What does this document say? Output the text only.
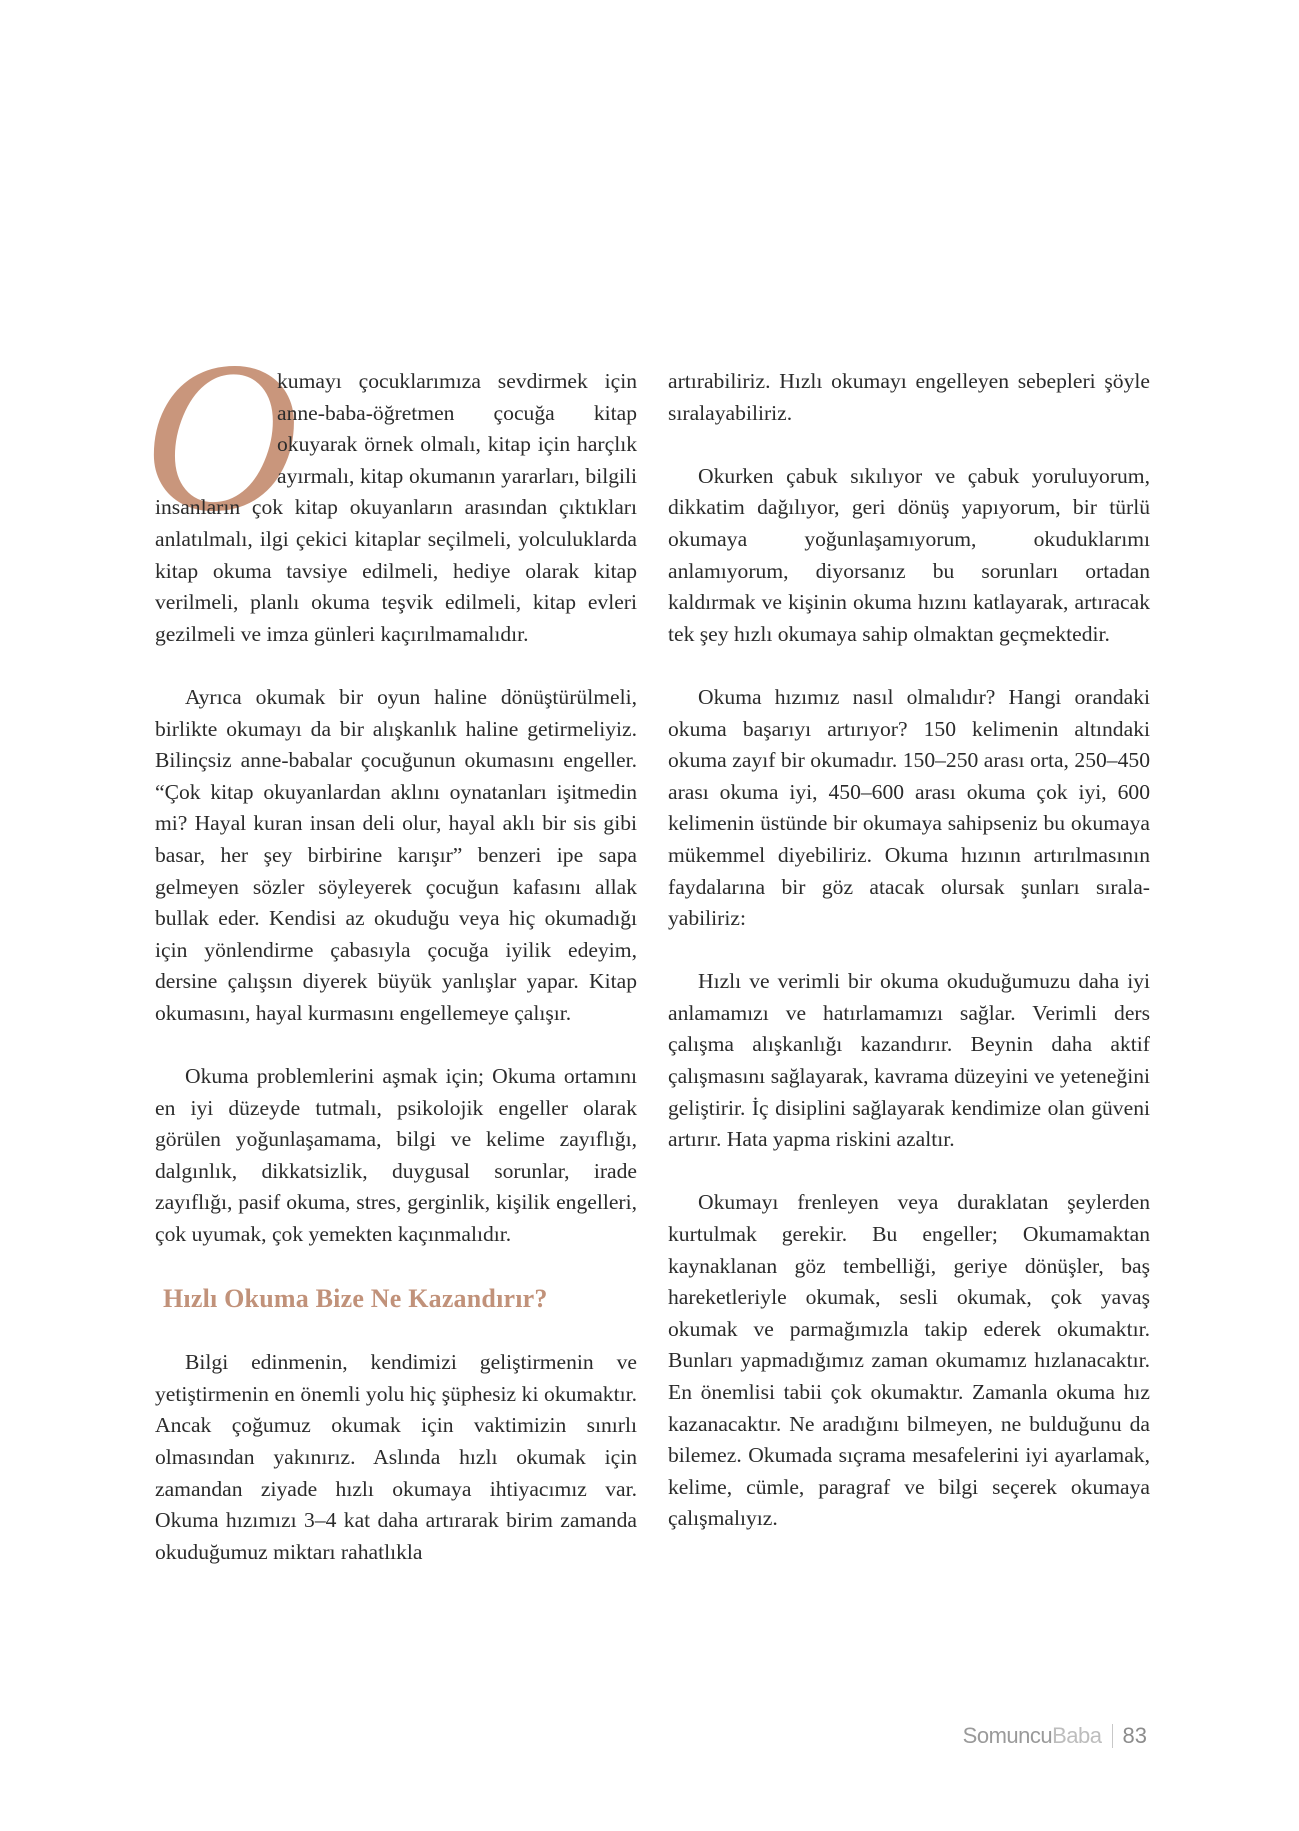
O
kumayı çocuklarımıza sevdirmek için anne-baba-öğretmen çocuğa kitap okuyarak örnek olmalı, kitap için harçlık ayırmalı, kitap okumanın yararları, bilgili insanların çok kitap okuyanların arasından çıktıkları anlatılmalı, ilgi çekici kitaplar seçilmeli, yolculuklarda kitap okuma tavsiye edilmeli, hediye olarak kitap verilmeli, planlı okuma teşvik edilmeli, kitap evleri gezilmeli ve imza günleri kaçırılmamalıdır.

Ayrıca okumak bir oyun haline dönüştürülmeli, birlikte okumayı da bir alışkanlık haline getirmeliyiz. Bilinçsiz anne-babalar çocuğunun okumasını engeller. “Çok kitap okuyanlardan aklını oynatanları işitmedin mi? Hayal kuran insan deli olur, hayal aklı bir sis gibi basar, her şey birbirine karışır” benzeri ipe sapa gelmeyen sözler söyleyerek çocuğun kafasını allak bullak eder. Kendisi az okuduğu veya hiç okumadığı için yönlendirme çabasıyla çocuğa iyilik edeyim, dersine çalışsın diyerek büyük yanlışlar yapar. Kitap okumasını, hayal kurmasını engellemeye çalışır.

Okuma problemlerini aşmak için; Okuma ortamını en iyi düzeyde tutmalı, psikolojik engeller olarak görülen yoğunlaşamama, bilgi ve kelime zayıflığı, dalgınlık, dikkatsizlik, duygusal sorunlar, irade zayıflığı, pasif okuma, stres, gerginlik, kişilik engelleri, çok uyumak, çok yemekten kaçınmalıdır.

Hızlı Okuma Bize Ne Kazandırır?

Bilgi edinmenin, kendimizi geliştirmenin ve yetiştirmenin en önemli yolu hiç şüphesiz ki okumaktır. Ancak çoğumuz okumak için vaktimizin sınırlı olmasından yakınırız. Aslında hızlı okumak için zamandan ziyade hızlı okumaya ihtiyacımız var. Okuma hızımızı 3–4 kat daha artırarak birim zamanda okuduğumuz miktarı rahatlıkla

artırabiliriz. Hızlı okumayı engelleyen sebepleri şöyle sıralayabiliriz.

Okurken çabuk sıkılıyor ve çabuk yoruluyorum, dikkatim dağılıyor, geri dönüş yapıyorum, bir türlü okumaya yoğunlaşamıyorum, okuduklarımı anlamıyorum, diyorsanız bu sorunları ortadan kaldırmak ve kişinin okuma hızını katlayarak, artıracak tek şey hızlı okumaya sahip olmaktan geçmektedir.

Okuma hızımız nasıl olmalıdır? Hangi orandaki okuma başarıyı artırıyor? 150 kelimenin altındaki okuma zayıf bir okumadır. 150–250 arası orta, 250–450 arası okuma iyi, 450–600 arası okuma çok iyi, 600 kelimenin üstünde bir okumaya sahipseniz bu okumaya mükemmel diyebiliriz. Okuma hızının artırılmasının faydalarına bir göz atacak olursak şunları sıralayabiliriz:

Hızlı ve verimli bir okuma okuduğumuzu daha iyi anlamamızı ve hatırlamamızı sağlar. Verimli ders çalışma alışkanlığı kazandırır. Beynin daha aktif çalışmasını sağlayarak, kavrama düzeyini ve yeteneğini geliştirir. İç disiplini sağlayarak kendimize olan güveni artırır. Hata yapma riskini azaltır.

Okumayı frenleyen veya duraklatan şeylerden kurtulmak gerekir. Bu engeller; Okumamaktan kaynaklanan göz tembelliği, geriye dönüşler, baş hareketleriyle okumak, sesli okumak, çok yavaş okumak ve parmağımızla takip ederek okumaktır. Bunları yapmadığımız zaman okumamız hızlanacaktır. En önemlisi tabii çok okumaktır. Zamanla okuma hız kazanacaktır. Ne aradığını bilmeyen, ne bulduğunu da bilemez. Okumada sıçrama mesafelerini iyi ayarlamak, kelime, cümle, paragraf ve bilgi seçerek okumaya çalışmalıyız.

Somuncu Baba 83
